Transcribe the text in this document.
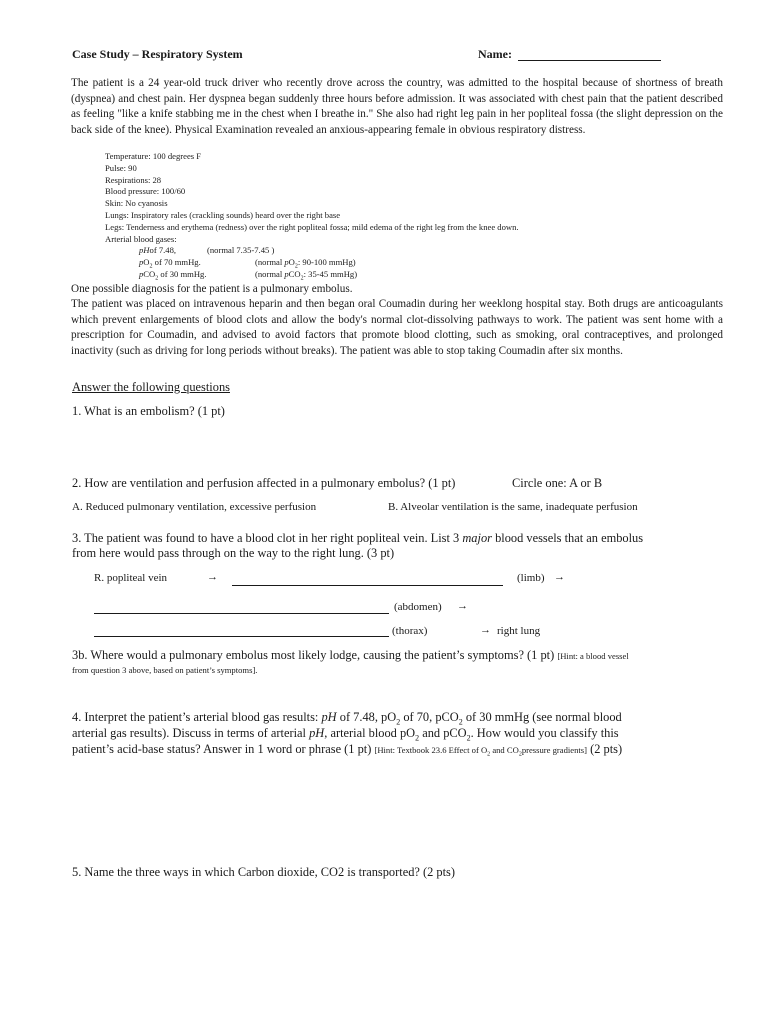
Case Study – Respiratory System	Name:
The patient is a 24 year-old truck driver who recently drove across the country, was admitted to the hospital because of shortness of breath (dyspnea) and chest pain. Her dyspnea began suddenly three hours before admission. It was associated with chest pain that the patient described as feeling "like a knife stabbing me in the chest when I breathe in." She also had right leg pain in her popliteal fossa (the slight depression on the back side of the knee). Physical Examination revealed an anxious-appearing female in obvious respiratory distress.
Temperature: 100 degrees F
Pulse: 90
Respirations: 28
Blood pressure: 100/60
Skin: No cyanosis
Lungs: Inspiratory rales (crackling sounds) heard over the right base
Legs: Tenderness and erythema (redness) over the right popliteal fossa; mild edema of the right leg from the knee down.
Arterial blood gases:
pHof 7.48,	(normal 7.35-7.45 )
$pO_2$ of 70 mmHg.	(normal $pO_2$: 90-100 mmHg)
pCO$_2$ of 30 mmHg.	(normal pCO$_2$: 35-45 mmHg)
One possible diagnosis for the patient is a pulmonary embolus.
The patient was placed on intravenous heparin and then began oral Coumadin during her weeklong hospital stay. Both drugs are anticoagulants which prevent enlargements of blood clots and allow the body's normal clot-dissolving pathways to work. The patient was sent home with a prescription for Coumadin, and advised to avoid factors that promote blood clotting, such as smoking, oral contraceptives, and prolonged inactivity (such as driving for long periods without breaks). The patient was able to stop taking Coumadin after six months.
Answer the following questions
1. What is an embolism? (1 pt)
2. How are ventilation and perfusion affected in a pulmonary embolus? (1 pt)	Circle one: A or B
A. Reduced pulmonary ventilation, excessive perfusion	B. Alveolar ventilation is the same, inadequate perfusion
3. The patient was found to have a blood clot in her right popliteal vein. List 3 major blood vessels that an embolus
from here would pass through on the way to the right lung. (3 pt)
R. popliteal vein	→	(limb) →
(abdomen) →
(thorax)	→ right lung
3b. Where would a pulmonary embolus most likely lodge, causing the patient’s symptoms? (1 pt) [Hint: a blood vessel
from question 3 above, based on patient’s symptoms].
4. Interpret the patient’s arterial blood gas results: pH of 7.48, $pO_2$ of 70, pCO$_2$ of 30 mmHg (see normal blood
arterial gas results). Discuss in terms of arterial pH, arterial blood $pO_2$ and pCO$_2$. How would you classify this
patient’s acid-base status? Answer in 1 word or phrase (1 pt) [Hint: Textbook 23.6 Effect of $O_2$ and $CO_2pressure$ gradients] (2 pts)
5. Name the three ways in which Carbon dioxide, CO2 is transported? (2 pts)
